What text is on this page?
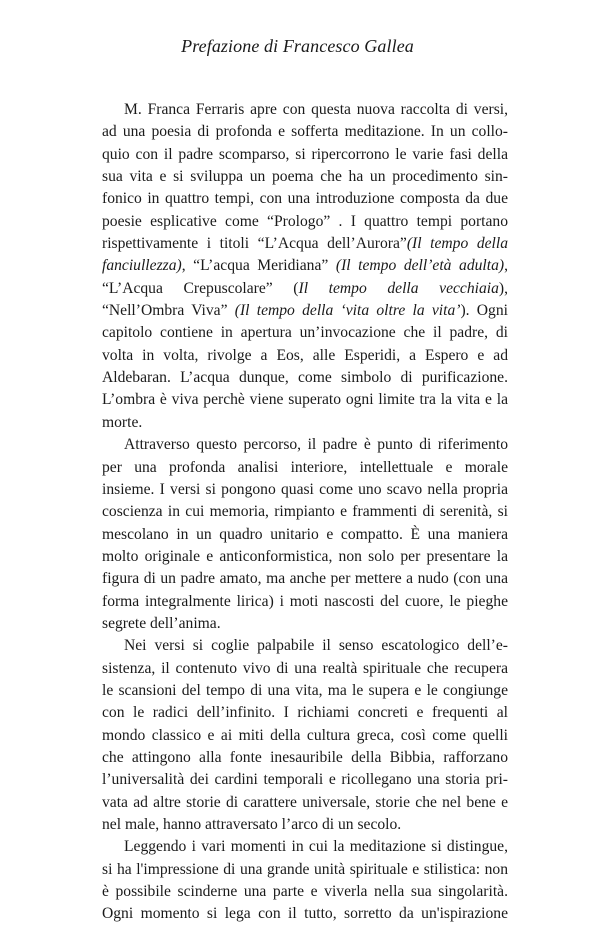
Prefazione di Francesco Gallea
M. Franca Ferraris apre con questa nuova raccolta di versi,
ad una poesia di profonda e sofferta meditazione. In un collo-
quio con il padre scomparso, si ripercorrono le varie fasi della
sua vita e si sviluppa un poema che ha un procedimento sin-
fonico in quattro tempi, con una introduzione composta da due
poesie esplicative come “Prologo” . I quattro tempi portano
rispettivamente i titoli “L’Acqua dell’Aurora”(Il tempo della
fanciullezza), “L’acqua Meridiana” (Il tempo dell’età adulta),
“L’Acqua Crepuscolare” (Il tempo della vecchiaia),
“Nell’Ombra Viva” (Il tempo della ‘vita oltre la vita’). Ogni
capitolo contiene in apertura un’invocazione che il padre, di
volta in volta, rivolge a Eos, alle Esperidi, a Espero e ad
Aldebaran. L’acqua dunque, come simbolo di purificazione.
L’ombra è viva perchè viene superato ogni limite tra la vita e la
morte.
Attraverso questo percorso, il padre è punto di riferimento
per una profonda analisi interiore, intellettuale e morale
insieme. I versi si pongono quasi come uno scavo nella propria
coscienza in cui memoria, rimpianto e frammenti di serenità, si
mescolano in un quadro unitario e compatto. È una maniera
molto originale e anticonformistica, non solo per presentare la
figura di un padre amato, ma anche per mettere a nudo (con una
forma integralmente lirica) i moti nascosti del cuore, le pieghe
segrete dell’anima.
Nei versi si coglie palpabile il senso escatologico dell’e-
sistenza, il contenuto vivo di una realtà spirituale che recupera
le scansioni del tempo di una vita, ma le supera e le congiunge
con le radici dell’infinito. I richiami concreti e frequenti al
mondo classico e ai miti della cultura greca, così come quelli
che attingono alla fonte inesauribile della Bibbia, rafforzano
l’universalità dei cardini temporali e ricollegano una storia pri-
vata ad altre storie di carattere universale, storie che nel bene e
nel male, hanno attraversato l’arco di un secolo.
Leggendo i vari momenti in cui la meditazione si distingue,
si ha l'impressione di una grande unità spirituale e stilistica: non
è possibile scinderne una parte e viverla nella sua singolarità.
Ogni momento si lega con il tutto, sorretto da un'ispirazione
